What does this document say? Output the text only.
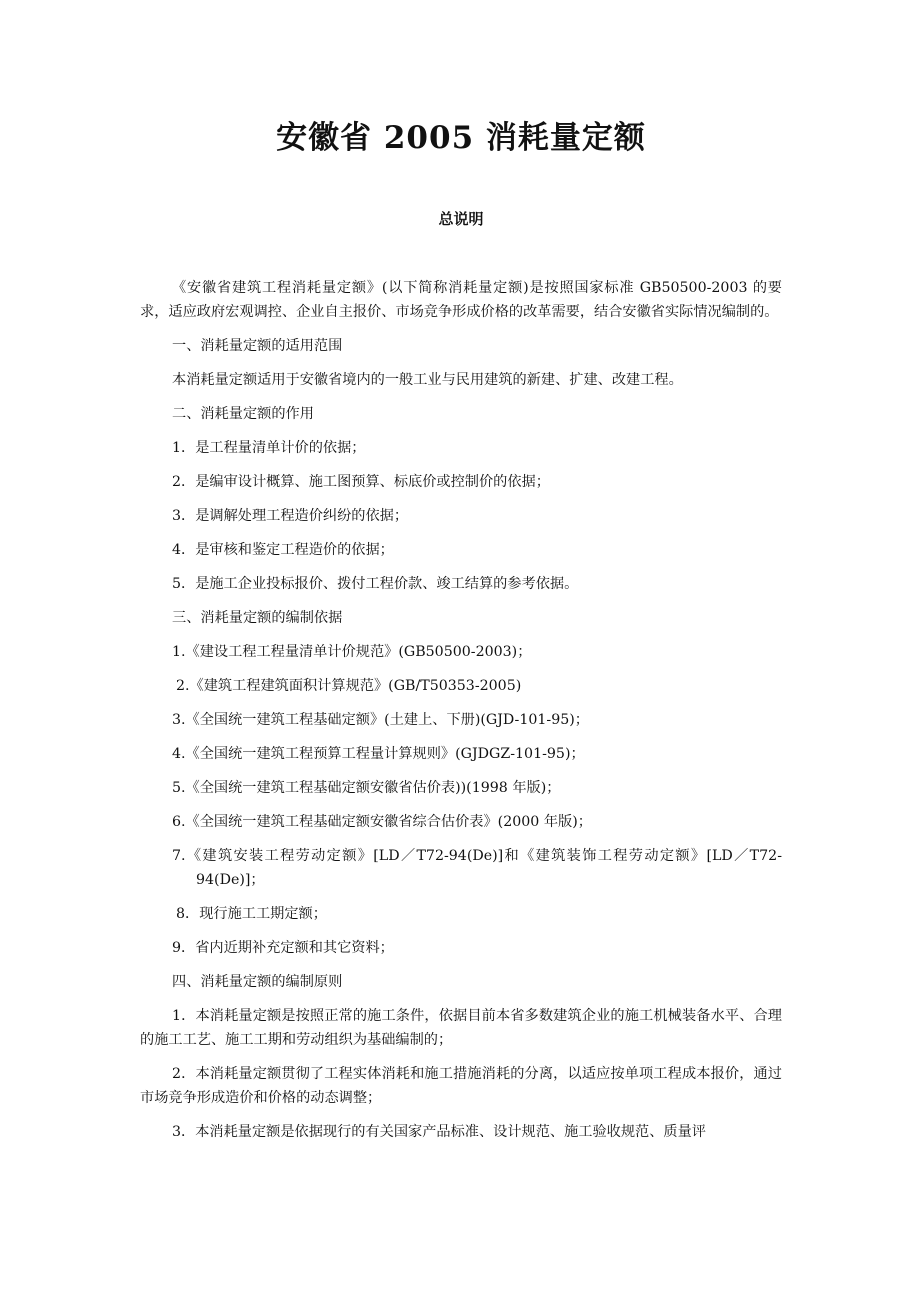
安徽省 2005 消耗量定额
总说明

《安徽省建筑工程消耗量定额》(以下简称消耗量定额)是按照国家标准 GB50500-2003 的要求，适应政府宏观调控、企业自主报价、市场竞争形成价格的改革需要，结合安徽省实际情况编制的。

一、消耗量定额的适用范围

本消耗量定额适用于安徽省境内的一般工业与民用建筑的新建、扩建、改建工程。

二、消耗量定额的作用

1．是工程量清单计价的依据；

2．是编审设计概算、施工图预算、标底价或控制价的依据；

3．是调解处理工程造价纠纷的依据；

4．是审核和鉴定工程造价的依据；

5．是施工企业投标报价、拨付工程价款、竣工结算的参考依据。

三、消耗量定额的编制依据

1.《建设工程工程量清单计价规范》(GB50500-2003)；

2.《建筑工程建筑面积计算规范》(GB/T50353-2005)

3.《全国统一建筑工程基础定额》(土建上、下册)(GJD-101-95)；

4.《全国统一建筑工程预算工程量计算规则》(GJDGZ-101-95)；

5.《全国统一建筑工程基础定额安徽省估价表))(1998 年版)；

6.《全国统一建筑工程基础定额安徽省综合估价表》(2000 年版)；

7.《建筑安装工程劳动定额》[LD／T72-94(De)]和《建筑装饰工程劳动定额》[LD／T72-94(De)]；

8．现行施工工期定额；

9．省内近期补充定额和其它资料；

四、消耗量定额的编制原则

1．本消耗量定额是按照正常的施工条件，依据目前本省多数建筑企业的施工机械装备水平、合理的施工工艺、施工工期和劳动组织为基础编制的；

2．本消耗量定额贯彻了工程实体消耗和施工措施消耗的分离，以适应按单项工程成本报价，通过市场竞争形成造价和价格的动态调整；

3．本消耗量定额是依据现行的有关国家产品标准、设计规范、施工验收规范、质量评
